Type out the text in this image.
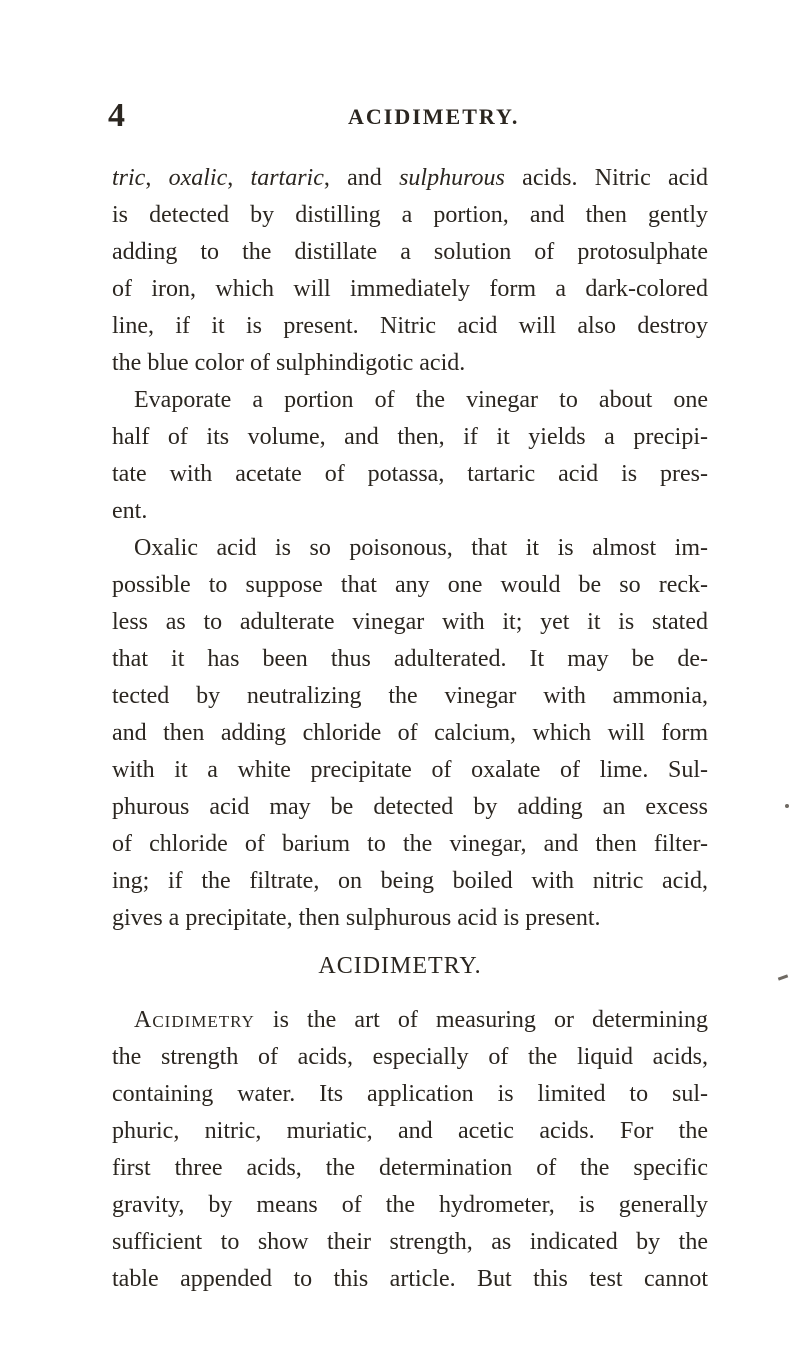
4	ACIDIMETRY.
tric, oxalic, tartaric, and sulphurous acids. Nitric acid
is detected by distilling a portion, and then gently
adding to the distillate a solution of protosulphate
of iron, which will immediately form a dark-colored
line, if it is present. Nitric acid will also destroy
the blue color of sulphindigotic acid.
Evaporate a portion of the vinegar to about one
half of its volume, and then, if it yields a precipi-
tate with acetate of potassa, tartaric acid is pres-
ent.
Oxalic acid is so poisonous, that it is almost im-
possible to suppose that any one would be so reck-
less as to adulterate vinegar with it; yet it is stated
that it has been thus adulterated. It may be de-
tected by neutralizing the vinegar with ammonia,
and then adding chloride of calcium, which will form
with it a white precipitate of oxalate of lime. Sul-
phurous acid may be detected by adding an excess
of chloride of barium to the vinegar, and then filter-
ing; if the filtrate, on being boiled with nitric acid,
gives a precipitate, then sulphurous acid is present.
ACIDIMETRY.
Acidimetry is the art of measuring or determining
the strength of acids, especially of the liquid acids,
containing water. Its application is limited to sul-
phuric, nitric, muriatic, and acetic acids. For the
first three acids, the determination of the specific
gravity, by means of the hydrometer, is generally
sufficient to show their strength, as indicated by the
table appended to this article. But this test cannot
